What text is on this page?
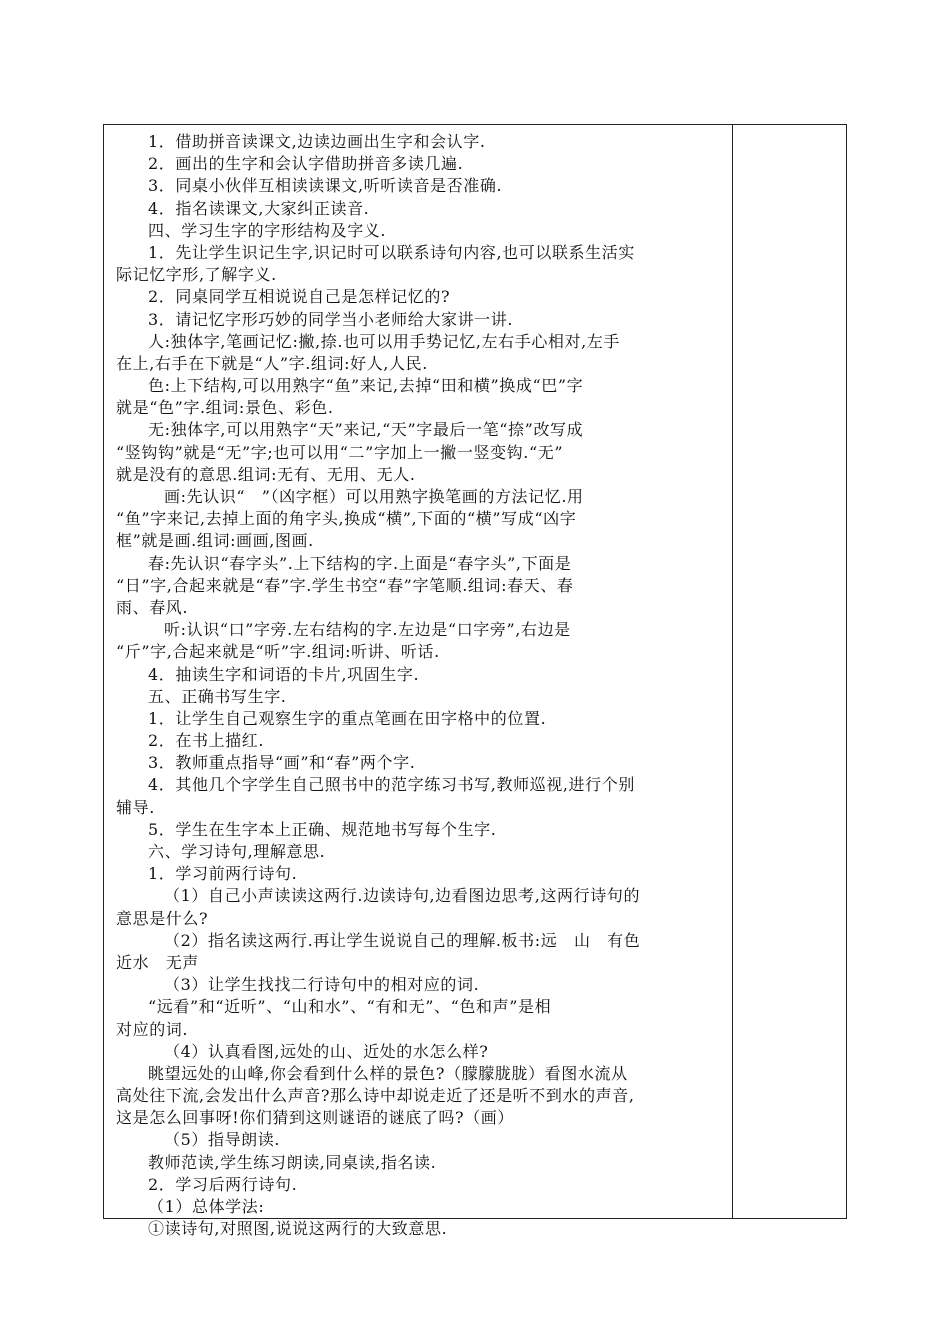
1．借助拼音读课文,边读边画出生字和会认字.
2．画出的生字和会认字借助拼音多读几遍.
3．同桌小伙伴互相读读课文,听听读音是否准确.
4．指名读课文,大家纠正读音.
四、学习生字的字形结构及字义.
1．先让学生识记生字,识记时可以联系诗句内容,也可以联系生活实
际记忆字形,了解字义.
2．同桌同学互相说说自己是怎样记忆的?
3．请记忆字形巧妙的同学当小老师给大家讲一讲.
人:独体字,笔画记忆:撇,捺.也可以用手势记忆,左右手心相对,左手
在上,右手在下就是“人”字.组词:好人,人民.
色:上下结构,可以用熟字“鱼”来记,去掉“田和横”换成“巴”字
就是“色”字.组词:景色、彩色.
无:独体字,可以用熟字“天”来记,“天”字最后一笔“捺”改写成
“竖钩钩”就是“无”字;也可以用“二”字加上一撇一竖变钩.“无”
就是没有的意思.组词:无有、无用、无人.
画:先认识“　”（凶字框）可以用熟字换笔画的方法记忆.用
“鱼”字来记,去掉上面的角字头,换成“横”,下面的“横”写成“凶字
框”就是画.组词:画画,图画.
春:先认识“春字头”.上下结构的字.上面是“春字头”,下面是
“日”字,合起来就是“春”字.学生书空“春”字笔顺.组词:春天、春
雨、春风.
听:认识“口”字旁.左右结构的字.左边是“口字旁”,右边是
“斤”字,合起来就是“听”字.组词:听讲、听话.
4．抽读生字和词语的卡片,巩固生字.
五、正确书写生字.
1．让学生自己观察生字的重点笔画在田字格中的位置.
2．在书上描红.
3．教师重点指导“画”和“春”两个字.
4．其他几个字学生自己照书中的范字练习书写,教师巡视,进行个别
辅导.
5．学生在生字本上正确、规范地书写每个生字.
六、学习诗句,理解意思.
1．学习前两行诗句.
（1）自己小声读读这两行.边读诗句,边看图边思考,这两行诗句的
意思是什么?
（2）指名读这两行.再让学生说说自己的理解.板书:远　山　有色
近水　无声
（3）让学生找找二行诗句中的相对应的词.
“远看”和“近听”、“山和水”、“有和无”、“色和声”是相
对应的词.
（4）认真看图,远处的山、近处的水怎么样?
眺望远处的山峰,你会看到什么样的景色?（朦朦胧胧）看图水流从
高处往下流,会发出什么声音?那么诗中却说走近了还是听不到水的声音,
这是怎么回事呀!你们猜到这则谜语的谜底了吗?（画）
（5）指导朗读.
教师范读,学生练习朗读,同桌读,指名读.
2．学习后两行诗句.
（1）总体学法:
①读诗句,对照图,说说这两行的大致意思.
